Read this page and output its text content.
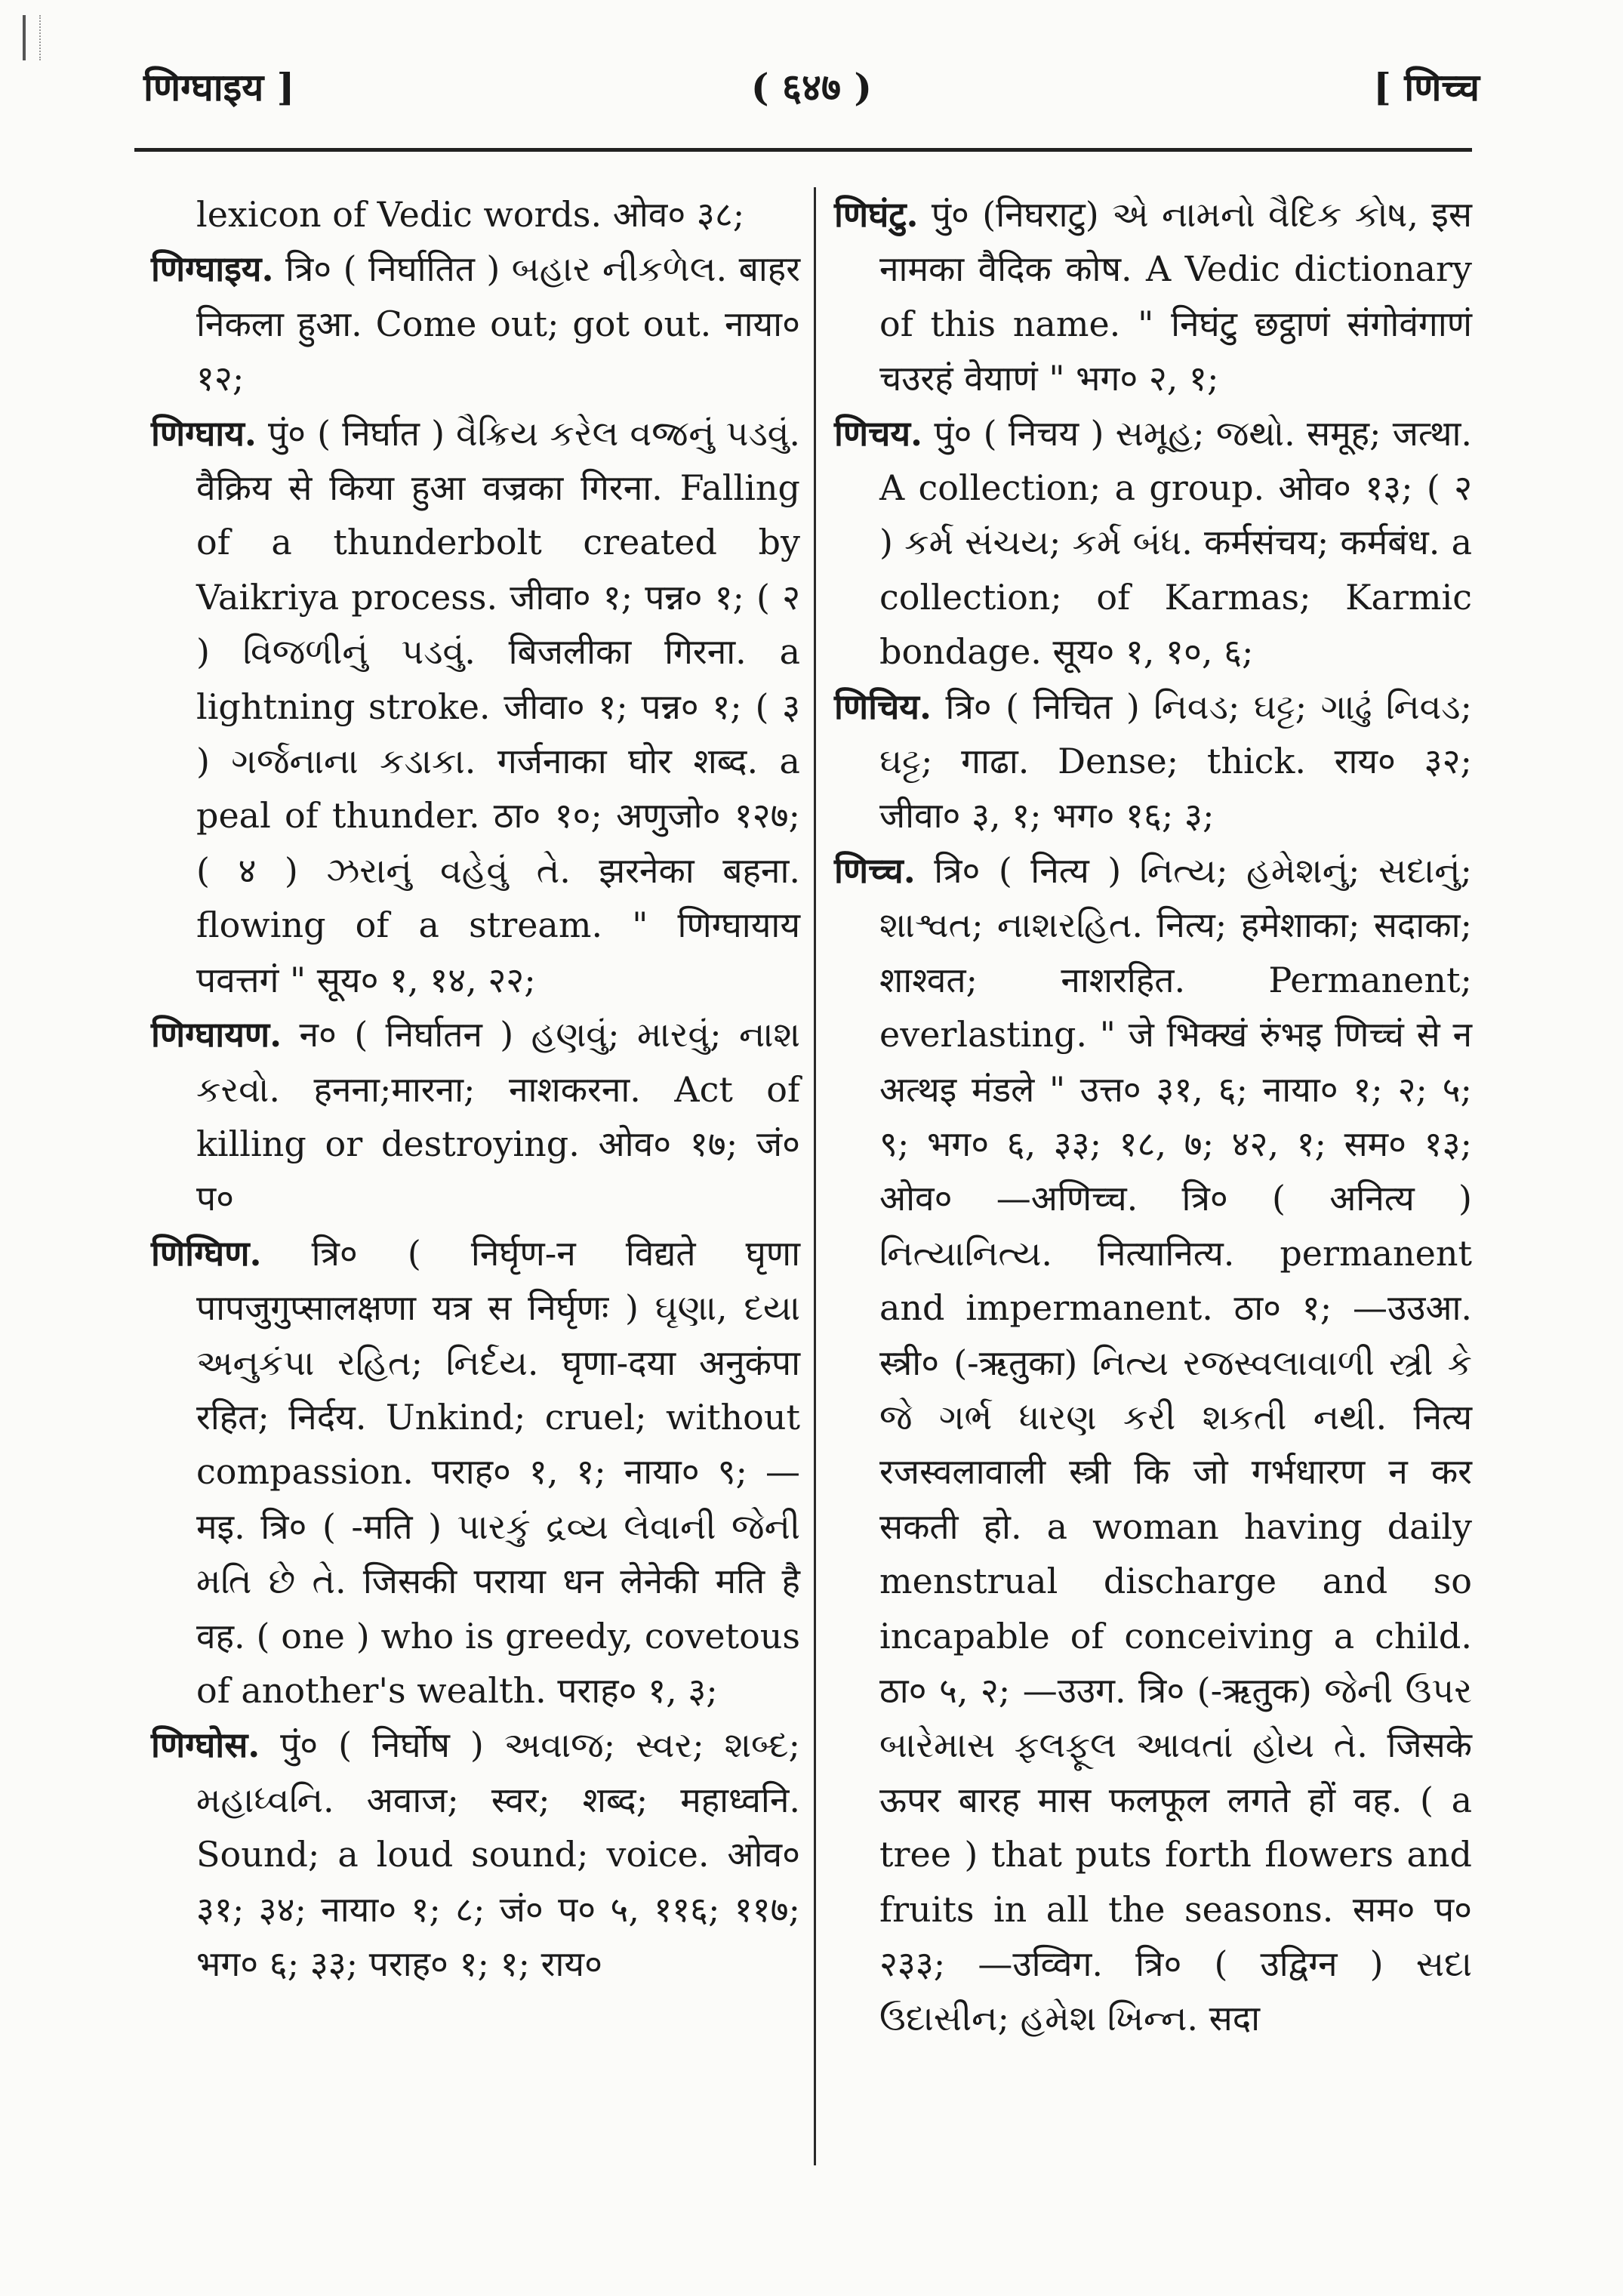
णिग्घाइय ]	( ६४७ )	[ णिच्च

lexicon of Vedic words. ओव० ३८;

णिग्घाइय. त्रि० ( निर्घातित ) બહાર નીકળેલ. बाहर निकला हुआ. Come out; got out. नाया० १२;

णिग्घाय. पुं० ( निर्घात ) વૈક્રિય કરેલ વજ્રનું પડવું. वैक्रिय से किया हुआ वज्रका गिरना. Falling of a thunderbolt created by Vaikriya process. जीवा० १; पन्न० १; ( २ ) વિજળીનું પડવું. बिजलीका गिरना. a lightning stroke. जीवा० १; पन्न० १; ( ३ ) ગર્જનાના કડાકા. गर्जनाका घोर शब्द. a peal of thunder. ठा० १०; अणुजो० १२७; ( ४ ) ઝરાનું વહેવું તે. झरनेका बहना. flowing of a stream. " णिग्घायाय पवत्तगं " सूय० १, १४, २२;

णिग्घायण. न० ( निर्घातन ) હણવું; મારવું; નાશ કરવો. हनना;मारना; नाशकरना. Act of killing or destroying. ओव० १७; जं० प०

णिग्घिण. त्रि० ( निर्घृण-न विद्यते घृणा पापजुगुप्सालक्षणा यत्र स निर्घृणः ) ઘૃણા, દયા અનુકંપા રહિત; નિર્દય. घृणा-दया अनुकंपा रहित; निर्दय. Unkind; cruel; without compassion. पराह० १, १; नाया० ९; —मइ. त्रि० ( -मति ) પારકું દ્રવ્ય લેવાની જેની મતિ છે તે. जिसकी पराया धन लेनेकी मति है वह. ( one ) who is greedy, covetous of another's wealth. पराह० १, ३;

णिग्घोस. पुं० ( निर्घोष ) અવાજ; સ્વર; શબ્દ; મહાધ્વનિ. अवाज; स्वर; शब्द; महाध्वनि. Sound; a loud sound; voice. ओव० ३१; ३४; नाया० १; ८; जं० प० ५, ११६; ११७; भग० ६; ३३; पराह० १; १; राय०

णिघंटु. पुं० (निघराटु) એ નામનો વૈદિક કોષ, इस नामका वैदिक कोष. A Vedic dictionary of this name. " निघंटु छट्ठाणं संगोवंगाणं चउरहं वेयाणं " भग० २, १;

णिचय. पुं० ( निचय ) સમૂહ; જથો. समूह; जत्था. A collection; a group. ओव० १३; ( २ ) કર્મ સંચય; કર્મ બંધ. कर्मसंचय; कर्मबंध. a collection; of Karmas; Karmic bondage. सूय० १, १०, ६;

णिचिय. त्रि० ( निचित ) નિવડ; ઘટ્ટ; ગાઢું નિવડ; ઘટ્ટ; गाढा. Dense; thick. राय० ३२; जीवा० ३, १; भग० १६; ३;

णिच्च. त्रि० ( नित्य ) નિત્ય; હમેશનું; સદાનું; શાશ્વત; નાશરહિત. नित्य; हमेशाका; सदाका; शाश्वत; नाशरहित. Permanent; everlasting. " जे भिक्खं रुंभइ णिच्चं से न अत्थइ मंडले " उत्त० ३१, ६; नाया० १; २; ५; ९; भग० ६, ३३; १८, ७; ४२, १; सम० १३; ओव० —अणिच्च. त्रि० ( अनित्य ) નિત્યાનિત્ય. नित्यानित्य. permanent and impermanent. ठा० १; —उउआ. स्त्री० (-ऋतुका) નિત્ય રજસ્વલાવાળી સ્ત્રી કે જે ગર્ભ ધારણ કરી શકતી નથી. नित्य रजस्वलावाली स्त्री कि जो गर्भधारण न कर सकती हो. a woman having daily menstrual discharge and so incapable of conceiving a child. ठा० ५, २; —उउग. त्रि० (-ऋतुक) જેની ઉપર બારેમાસ ફલફૂલ આવતાં હોય તે. जिसके ऊपर बारह मास फलफूल लगते हों वह. ( a tree ) that puts forth flowers and fruits in all the seasons. सम० प० २३३; —उव्विग. त्रि० ( उद्विग्न ) સદા ઉદાસીન; હમેશ ખિન્ન. सदा
